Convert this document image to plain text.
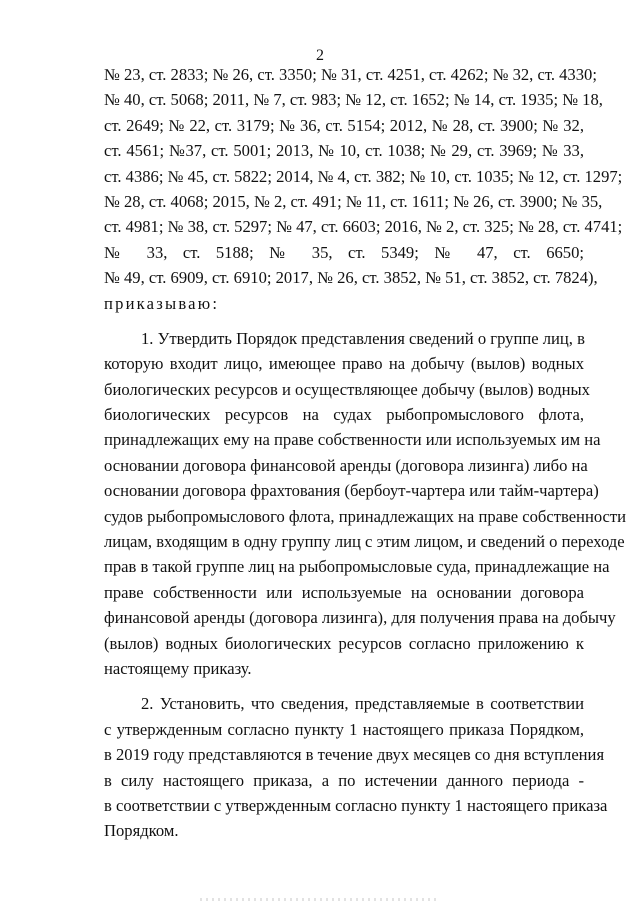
2
№ 23, ст. 2833; № 26, ст. 3350; № 31, ст. 4251, ст. 4262; № 32, ст. 4330;
№ 40, ст. 5068; 2011, № 7, ст. 983; № 12, ст. 1652; № 14, ст. 1935; № 18,
ст. 2649; № 22, ст. 3179; № 36, ст. 5154; 2012, № 28, ст. 3900; № 32,
ст. 4561; №37, ст. 5001; 2013, № 10, ст. 1038; № 29, ст. 3969; № 33,
ст. 4386; № 45, ст. 5822; 2014, № 4, ст. 382; № 10, ст. 1035; № 12, ст. 1297;
№ 28, ст. 4068; 2015, № 2, ст. 491; № 11, ст. 1611; № 26, ст. 3900; № 35,
ст. 4981; № 38, ст. 5297; № 47, ст. 6603; 2016, № 2, ст. 325; № 28, ст. 4741;
№ 33, ст. 5188; № 35, ст. 5349; № 47, ст. 6650;
№ 49, ст. 6909, ст. 6910; 2017, № 26, ст. 3852, № 51, ст. 3852, ст. 7824),
приказываю:
1. Утвердить Порядок представления сведений о группе лиц, в
которую входит лицо, имеющее право на добычу (вылов) водных
биологических ресурсов и осуществляющее добычу (вылов) водных
биологических ресурсов на судах рыбопромыслового флота,
принадлежащих ему на праве собственности или используемых им на
основании договора финансовой аренды (договора лизинга) либо на
основании договора фрахтования (бербоут-чартера или тайм-чартера)
судов рыбопромыслового флота, принадлежащих на праве собственности
лицам, входящим в одну группу лиц с этим лицом, и сведений о переходе
прав в такой группе лиц на рыбопромысловые суда, принадлежащие на
праве собственности или используемые на основании договора
финансовой аренды (договора лизинга), для получения права на добычу
(вылов) водных биологических ресурсов согласно приложению к
настоящему приказу.
2. Установить, что сведения, представляемые в соответствии
с утвержденным согласно пункту 1 настоящего приказа Порядком,
в 2019 году представляются в течение двух месяцев со дня вступления
в силу настоящего приказа, а по истечении данного периода -
в соответствии с утвержденным согласно пункту 1 настоящего приказа
Порядком.
